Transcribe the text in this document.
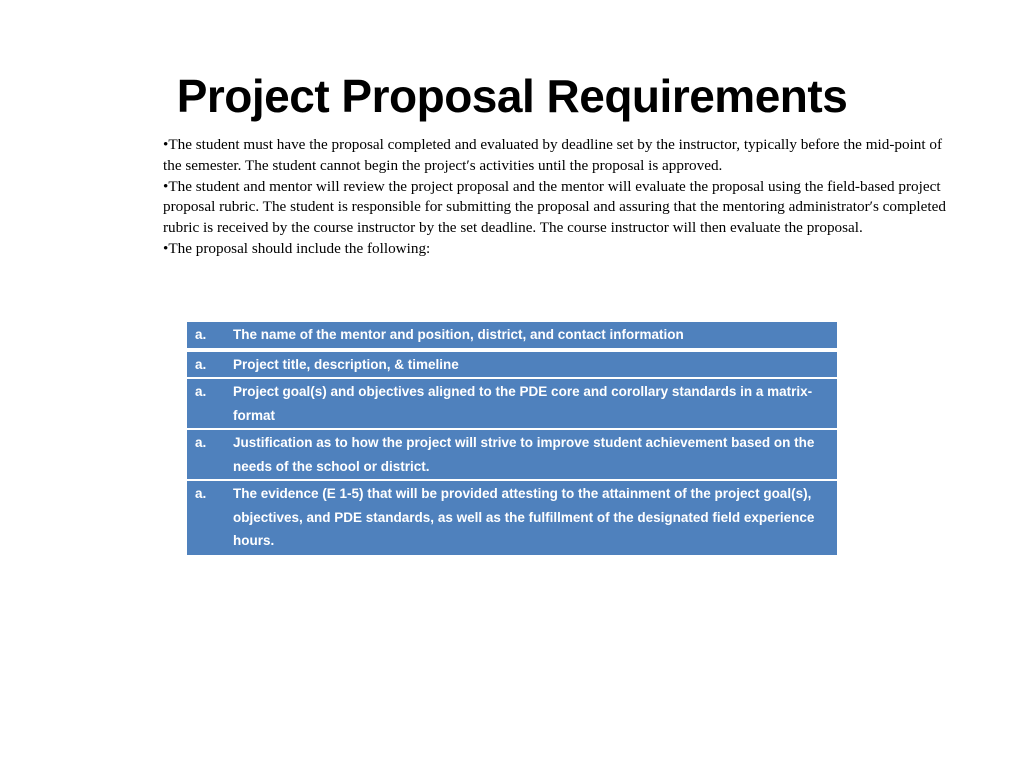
Project Proposal Requirements

•The student must have the proposal completed and evaluated by deadline set by the instructor, typically before the mid-point of the semester. The student cannot begin the project′s activities until the proposal is approved.

•The student and mentor will review the project proposal and the mentor will evaluate the proposal using the field-based project proposal rubric. The student is responsible for submitting the proposal and assuring that the mentoring administrator′s completed rubric is received by the course instructor by the set deadline. The course instructor will then evaluate the proposal.

•The proposal should include the following:

a.	The name of the mentor and position, district, and contact information
a.	Project title, description, & timeline
a.	Project goal(s) and objectives aligned to the PDE core and corollary standards in a matrix-format
a.	Justification as to how the project will strive to improve student achievement based on the needs of the school or district.
a.	The evidence (E 1-5) that will be provided attesting to the attainment of the project goal(s), objectives, and PDE standards, as well as the fulfillment of the designated field experience hours.
